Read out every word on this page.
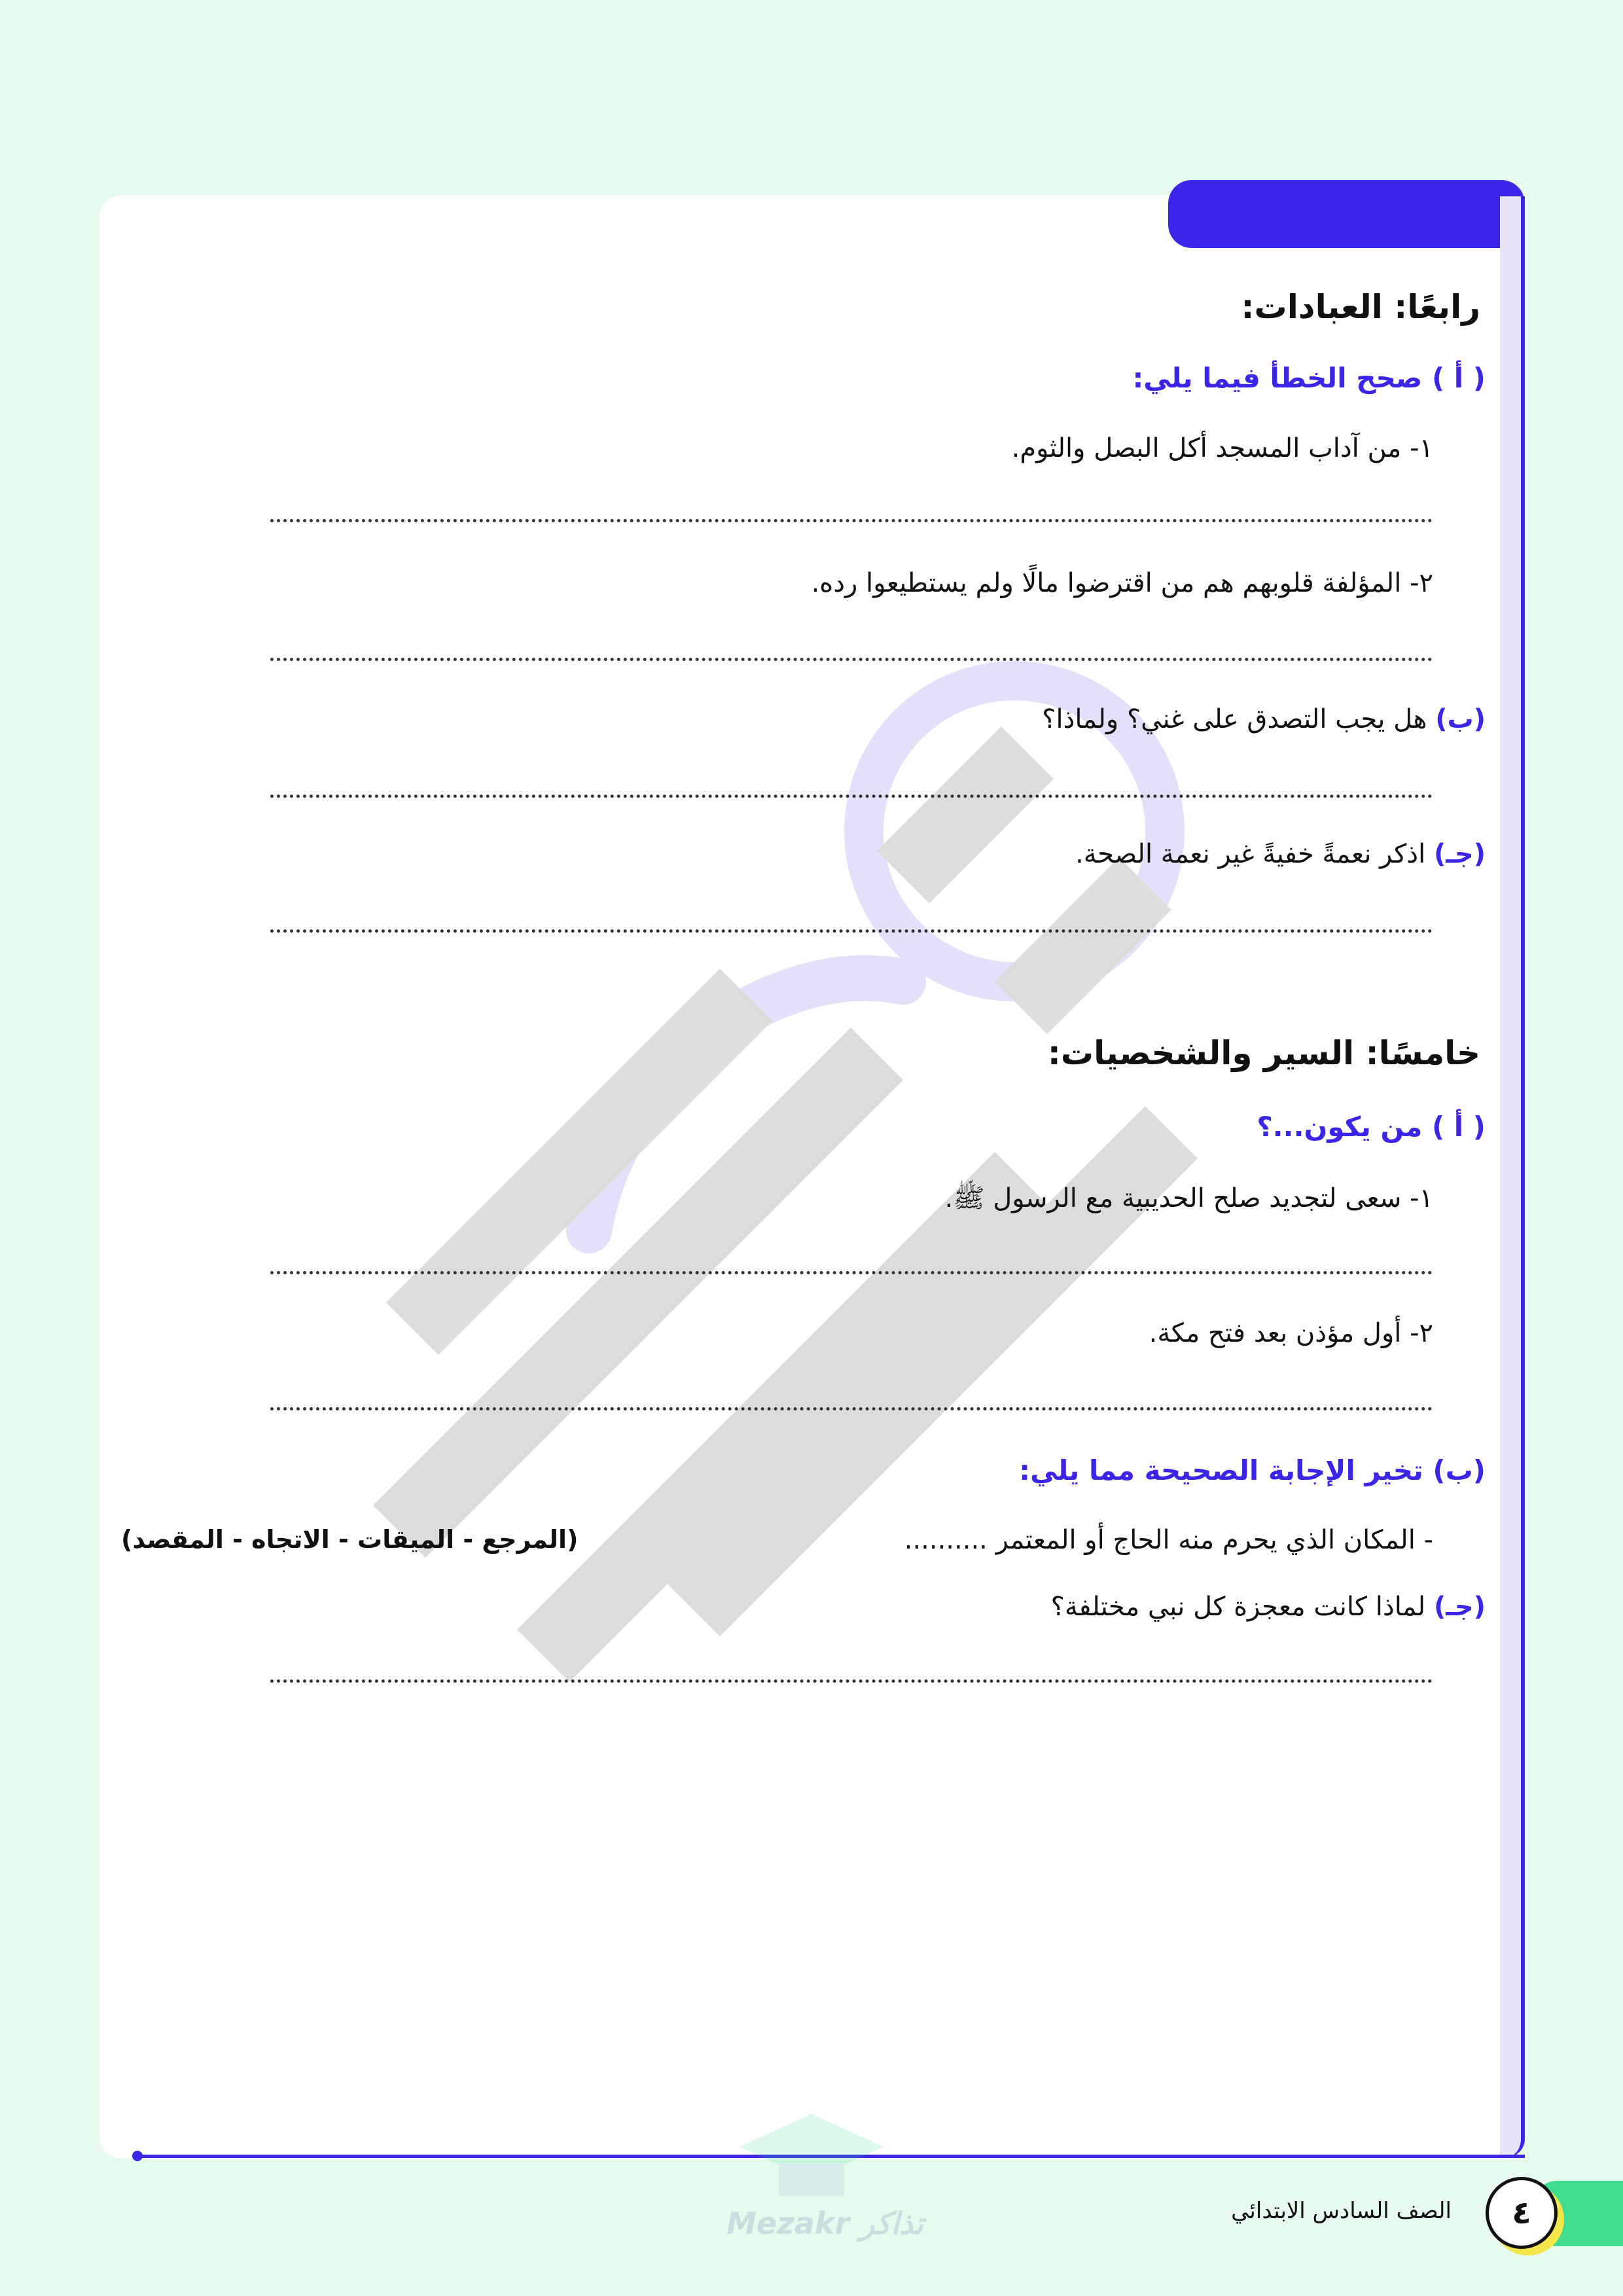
رابعًا: العبادات:
( أ ) صحح الخطأ فيما يلي:
١- من آداب المسجد أكل البصل والثوم.
٢- المؤلفة قلوبهم هم من اقترضوا مالًا ولم يستطيعوا رده.
(ب) هل يجب التصدق على غني؟ ولماذا؟
(جـ) اذكر نعمةً خفيةً غير نعمة الصحة.
خامسًا: السير والشخصيات:
( أ ) من يكون...؟
١- سعى لتجديد صلح الحديبية مع الرسول ﷺ.
٢- أول مؤذن بعد فتح مكة.
(ب) تخير الإجابة الصحيحة مما يلي:
- المكان الذي يحرم منه الحاج أو المعتمر ..........
(المرجع - الميقات - الاتجاه - المقصد)
(جـ) لماذا كانت معجزة كل نبي مختلفة؟
Mezakr تذاكر	٤
الصف السادس الابتدائي
